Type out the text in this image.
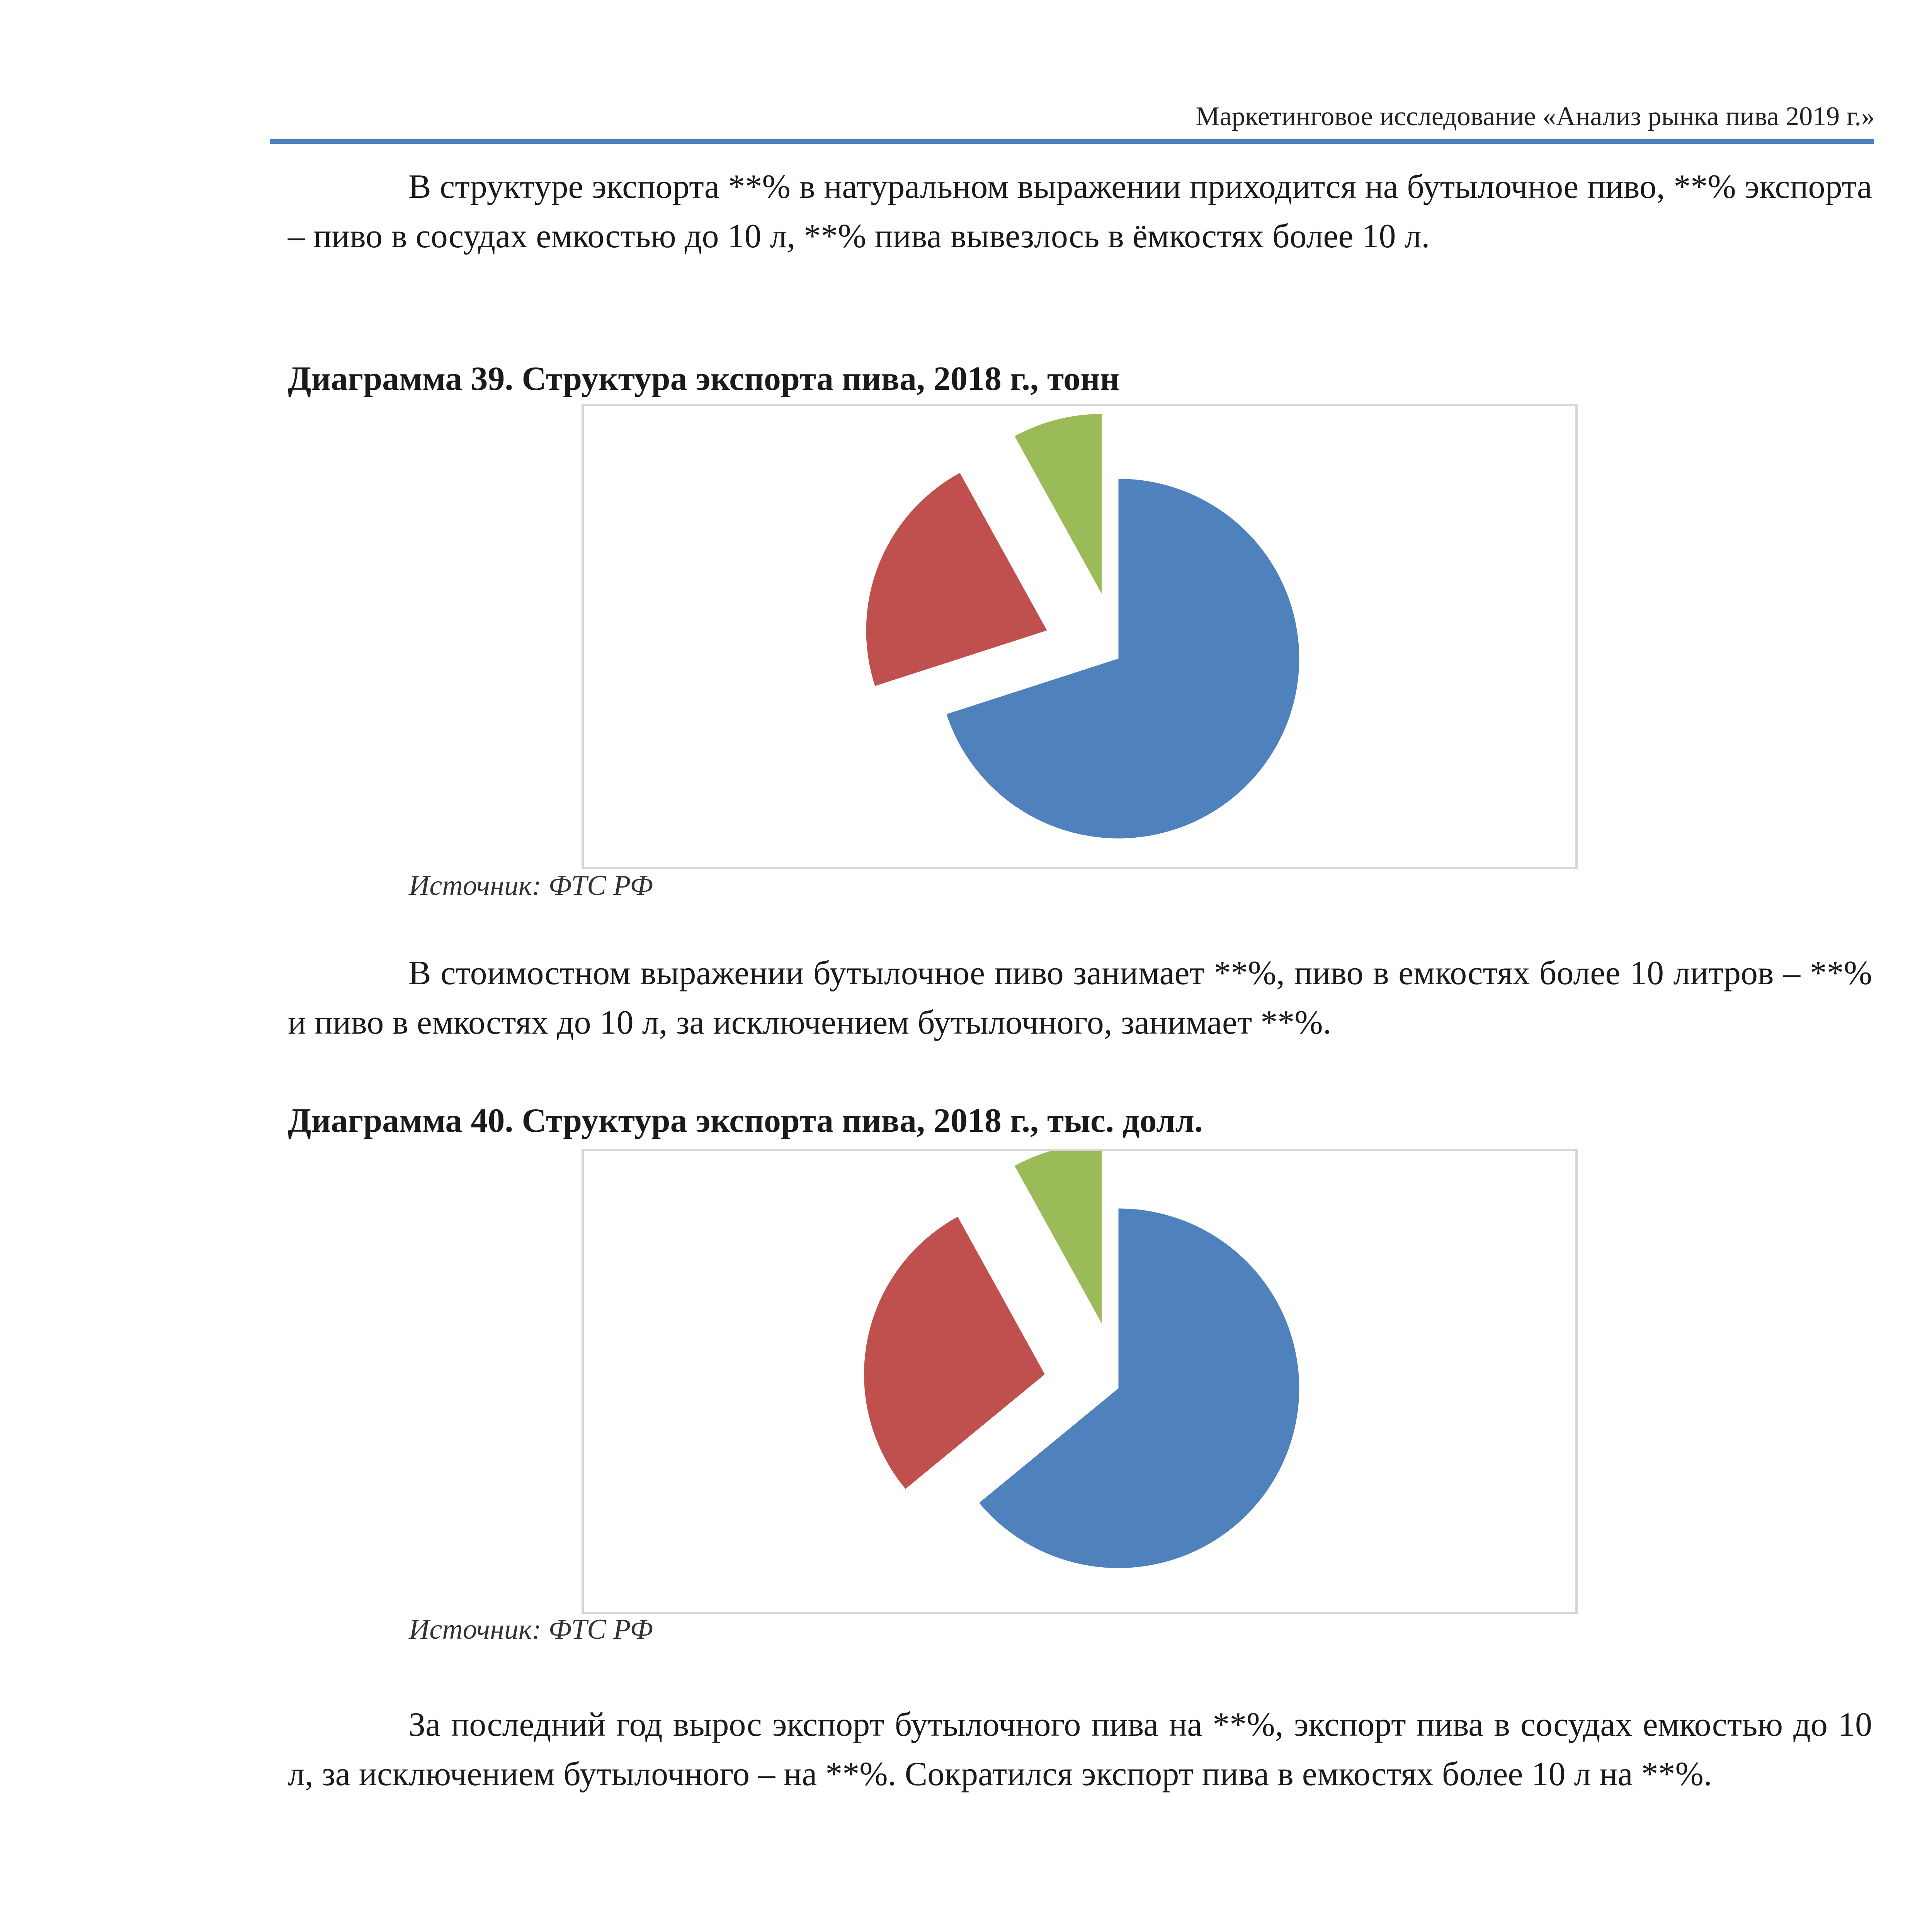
Маркетинговое исследование «Анализ рынка пива 2019 г.»

В структуре экспорта **% в натуральном выражении приходится на бутылочное пиво, **% экспорта – пиво в сосудах емкостью до 10 л, **% пива вывезлось в ёмкостях более 10 л.

Диаграмма 39. Структура экспорта пива, 2018 г., тонн
Источник: ФТС РФ

В стоимостном выражении бутылочное пиво занимает **%, пиво в емкостях более 10 литров – **% и пиво в емкостях до 10 л, за исключением бутылочного, занимает **%.

Диаграмма 40. Структура экспорта пива, 2018 г., тыс. долл.
Источник: ФТС РФ

За последний год вырос экспорт бутылочного пива на **%, экспорт пива в сосудах емкостью до 10 л, за исключением бутылочного – на **%. Сократился экспорт пива в емкостях более 10 л на **%.
